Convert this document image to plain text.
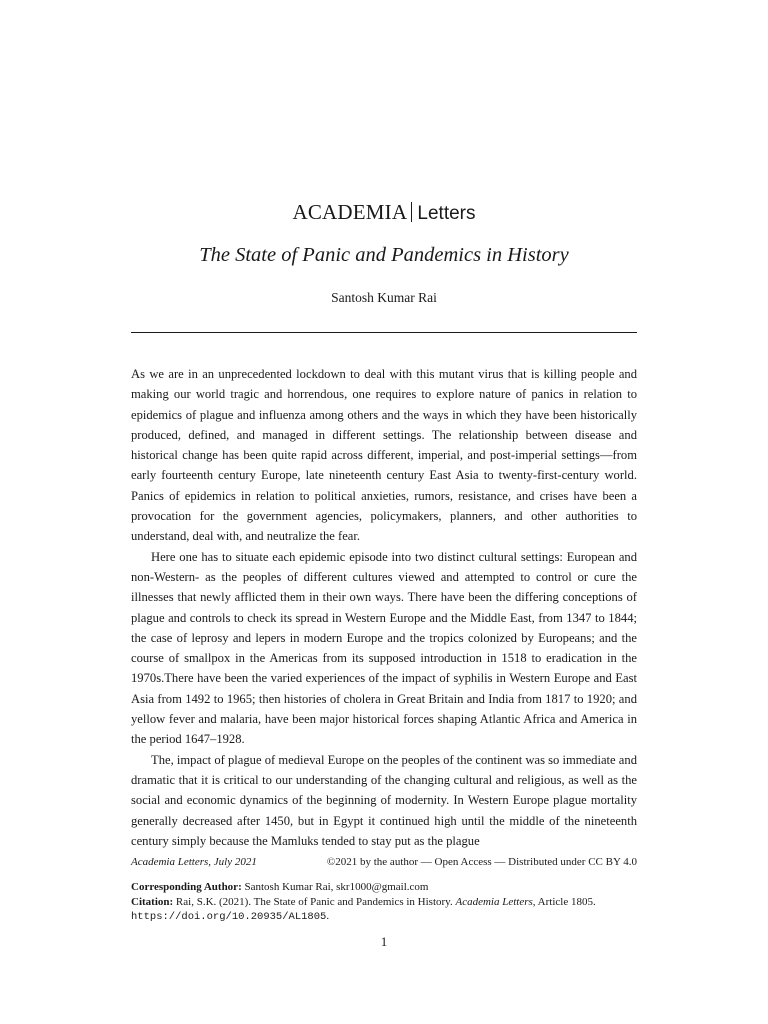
ACADEMIA Letters
The State of Panic and Pandemics in History
Santosh Kumar Rai

As we are in an unprecedented lockdown to deal with this mutant virus that is killing people and making our world tragic and horrendous, one requires to explore nature of panics in relation to epidemics of plague and influenza among others and the ways in which they have been historically produced, defined, and managed in different settings. The relationship between disease and historical change has been quite rapid across different, imperial, and post-imperial settings—from early fourteenth century Europe, late nineteenth century East Asia to twenty-first-century world. Panics of epidemics in relation to political anxieties, rumors, resistance, and crises have been a provocation for the government agencies, policymakers, planners, and other authorities to understand, deal with, and neutralize the fear.

Here one has to situate each epidemic episode into two distinct cultural settings: European and non-Western- as the peoples of different cultures viewed and attempted to control or cure the illnesses that newly afflicted them in their own ways. There have been the differing conceptions of plague and controls to check its spread in Western Europe and the Middle East, from 1347 to 1844; the case of leprosy and lepers in modern Europe and the tropics colonized by Europeans; and the course of smallpox in the Americas from its supposed introduction in 1518 to eradication in the 1970s.There have been the varied experiences of the impact of syphilis in Western Europe and East Asia from 1492 to 1965; then histories of cholera in Great Britain and India from 1817 to 1920; and yellow fever and malaria, have been major historical forces shaping Atlantic Africa and America in the period 1647–1928.

The, impact of plague of medieval Europe on the peoples of the continent was so immediate and dramatic that it is critical to our understanding of the changing cultural and religious, as well as the social and economic dynamics of the beginning of modernity. In Western Europe plague mortality generally decreased after 1450, but in Egypt it continued high until the middle of the nineteenth century simply because the Mamluks tended to stay put as the plague

Academia Letters, July 2021	©2021 by the author — Open Access — Distributed under CC BY 4.0
Corresponding Author: Santosh Kumar Rai, skr1000@gmail.com
Citation: Rai, S.K. (2021). The State of Panic and Pandemics in History. Academia Letters, Article 1805.
https://doi.org/10.20935/AL1805.
1
